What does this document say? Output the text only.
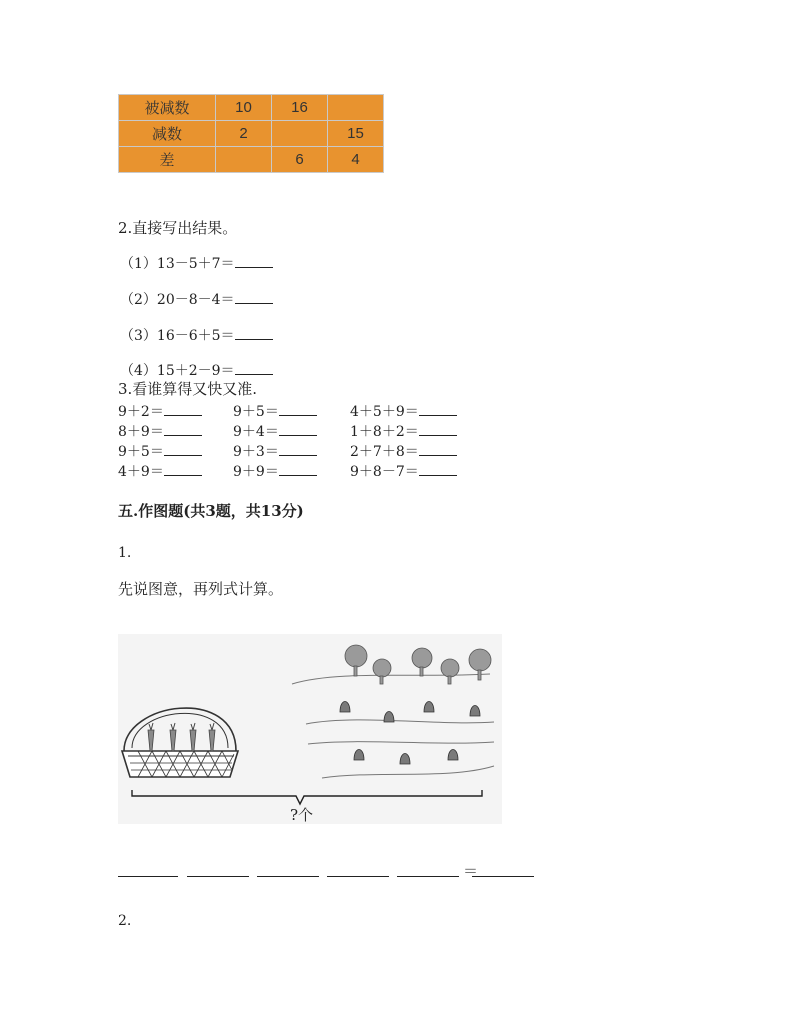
被减数	10	16	
减数	2		15
差		6	4
2.直接写出结果。
（1）13－5＋7＝
（2）20－8－4＝
（3）16－6＋5＝
（4）15＋2－9＝
3.看谁算得又快又准.
9＋2＝	9＋5＝	4＋5＋9＝
8＋9＝	9＋4＝	1＋8＋2＝
9＋5＝	9＋3＝	2＋7＋8＝
4＋9＝	9＋9＝	9＋8－7＝
五.作图题(共3题，共13分)
1.
先说图意，再列式计算。
?个
＝
2.
